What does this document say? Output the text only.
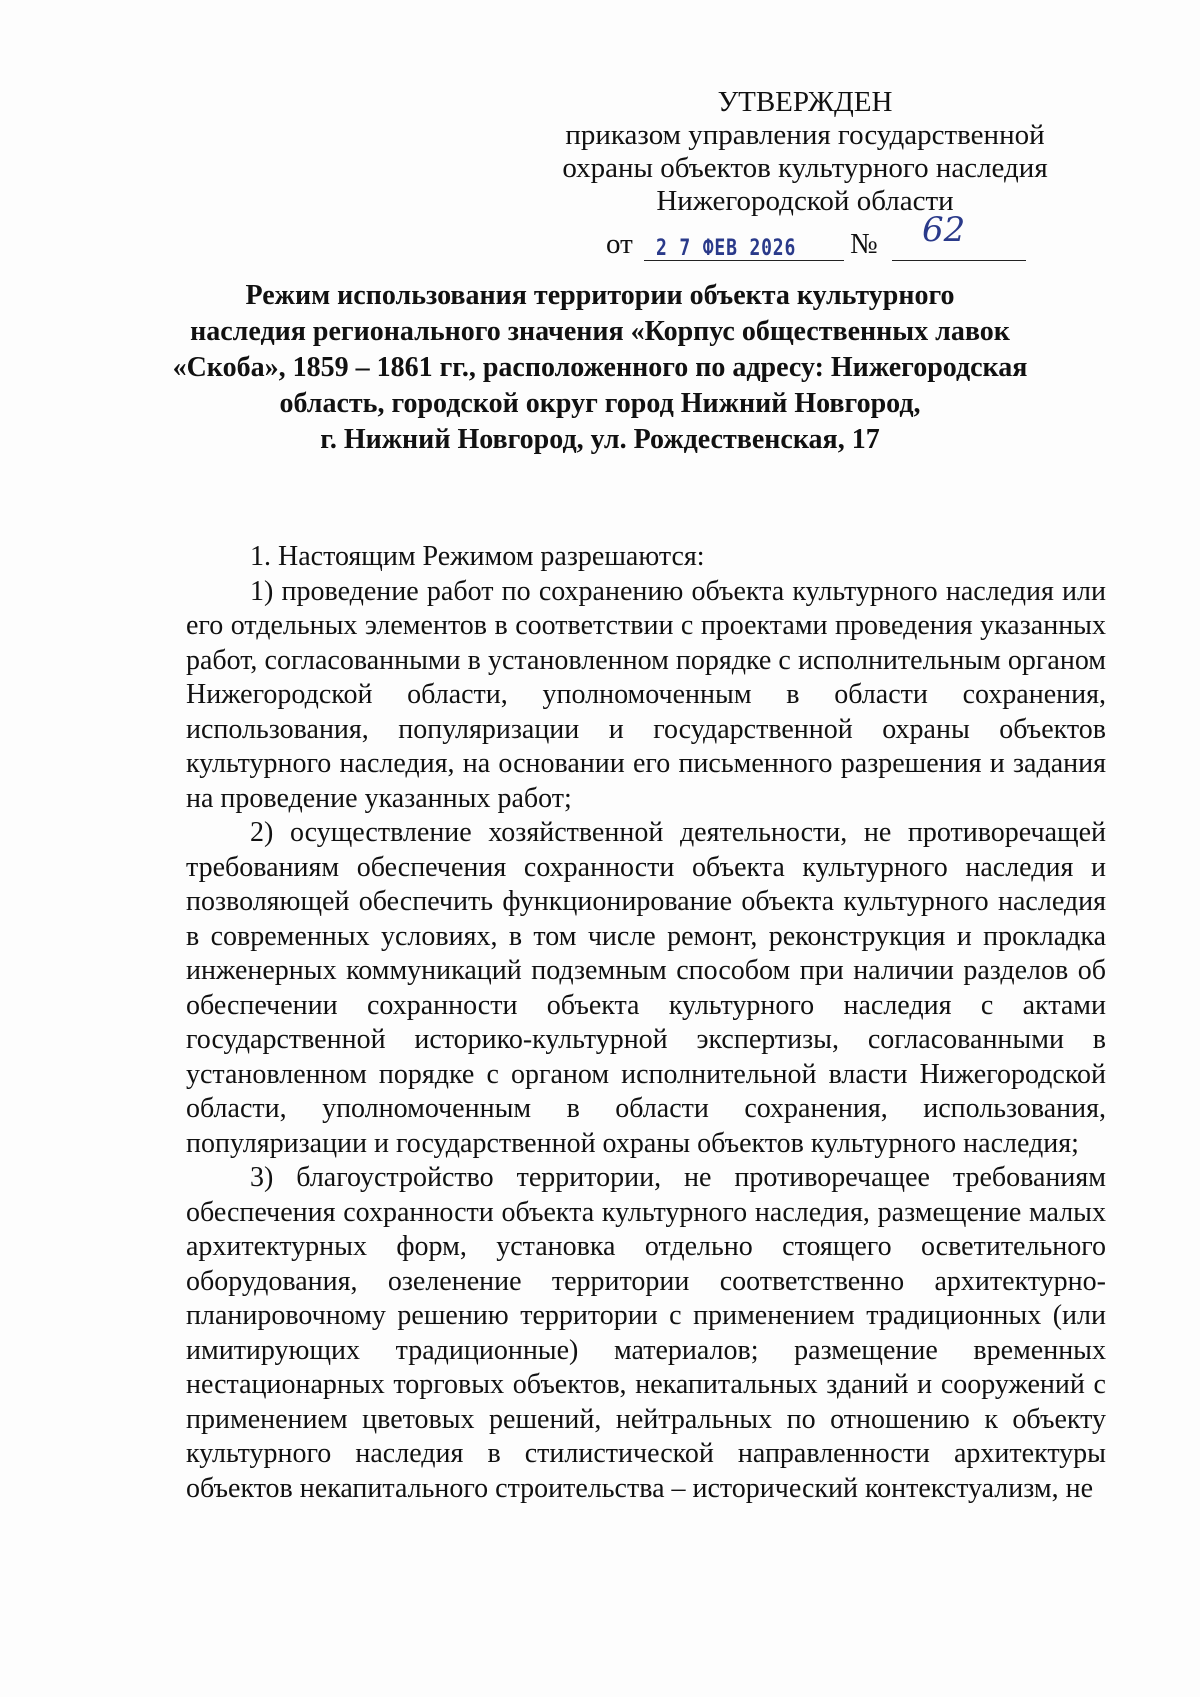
УТВЕРЖДЕН
приказом управления государственной
охраны объектов культурного наследия
Нижегородской области
от 2 7 ФЕВ 2026 № 62
Режим использования территории объекта культурного
наследия регионального значения «Корпус общественных лавок
«Скоба», 1859 – 1861 гг., расположенного по адресу: Нижегородская
область, городской округ город Нижний Новгород,
г. Нижний Новгород, ул. Рождественская, 17

1. Настоящим Режимом разрешаются:

1) проведение работ по сохранению объекта культурного наследия или его отдельных элементов в соответствии с проектами проведения указанных работ, согласованными в установленном порядке с исполнительным органом Нижегородской области, уполномоченным в области сохранения, использования, популяризации и государственной охраны объектов культурного наследия, на основании его письменного разрешения и задания на проведение указанных работ;

2) осуществление хозяйственной деятельности, не противоречащей требованиям обеспечения сохранности объекта культурного наследия и позволяющей обеспечить функционирование объекта культурного наследия в современных условиях, в том числе ремонт, реконструкция и прокладка инженерных коммуникаций подземным способом при наличии разделов об обеспечении сохранности объекта культурного наследия с актами государственной историко-культурной экспертизы, согласованными в установленном порядке с органом исполнительной власти Нижегородской области, уполномоченным в области сохранения, использования, популяризации и государственной охраны объектов культурного наследия;

3) благоустройство территории, не противоречащее требованиям обеспечения сохранности объекта культурного наследия, размещение малых архитектурных форм, установка отдельно стоящего осветительного оборудования, озеленение территории соответственно архитектурно-планировочному решению территории с применением традиционных (или имитирующих традиционные) материалов; размещение временных нестационарных торговых объектов, некапитальных зданий и сооружений с применением цветовых решений, нейтральных по отношению к объекту культурного наследия в стилистической направленности архитектуры объектов некапитального строительства – исторический контекстуализм, не
